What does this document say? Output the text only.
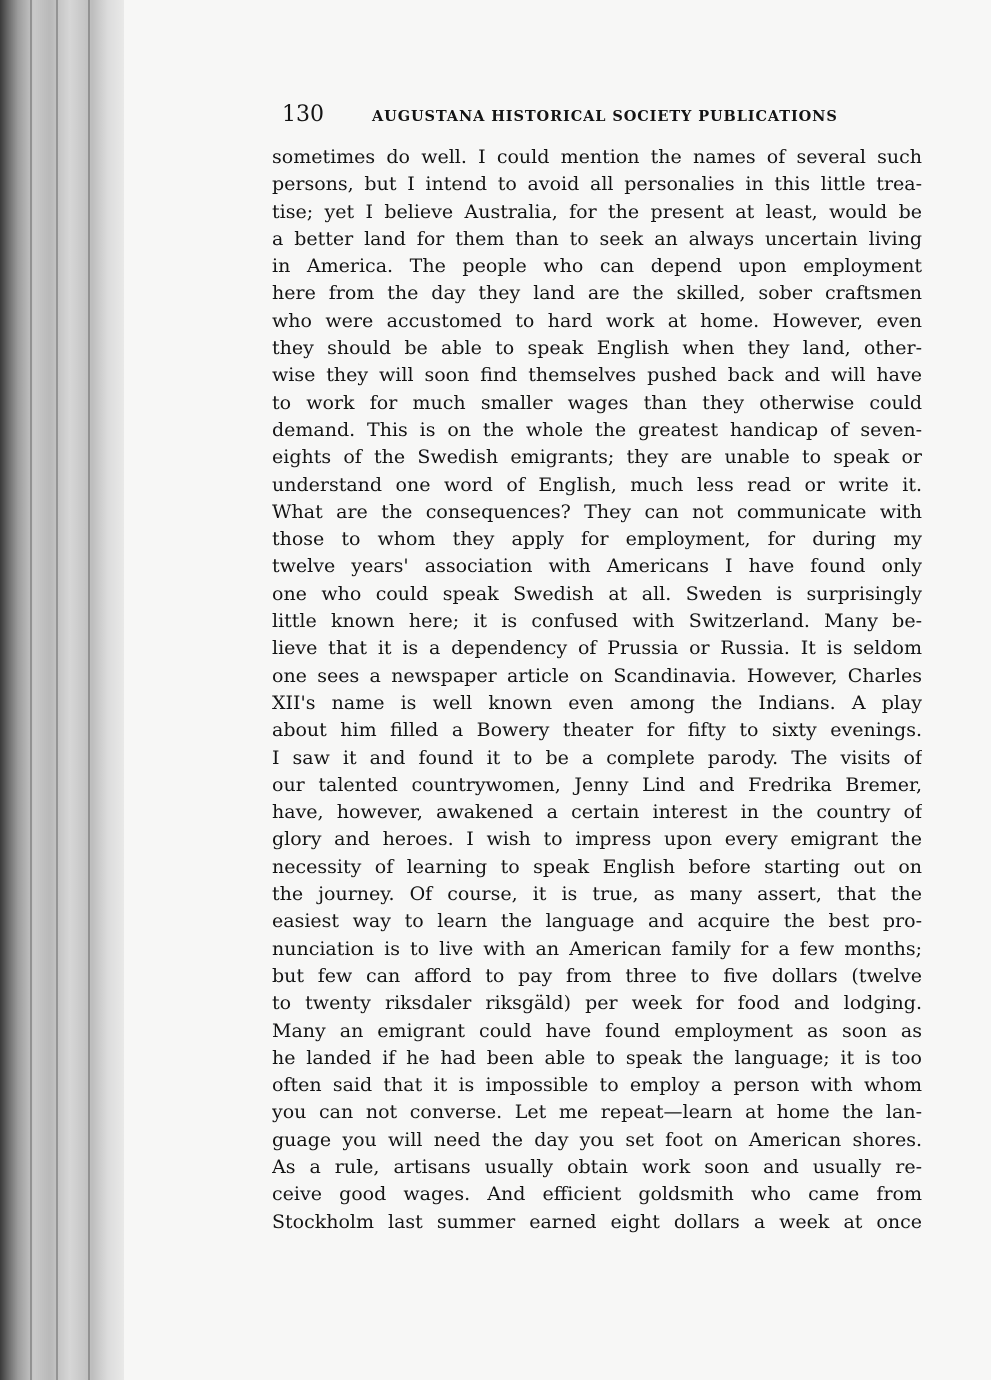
130	AUGUSTANA HISTORICAL SOCIETY PUBLICATIONS
sometimes do well. I could mention the names of several such
persons, but I intend to avoid all personalies in this little trea-
tise; yet I believe Australia, for the present at least, would be
a better land for them than to seek an always uncertain living
in America. The people who can depend upon employment
here from the day they land are the skilled, sober craftsmen
who were accustomed to hard work at home. However, even
they should be able to speak English when they land, other-
wise they will soon find themselves pushed back and will have
to work for much smaller wages than they otherwise could
demand. This is on the whole the greatest handicap of seven-
eights of the Swedish emigrants; they are unable to speak or
understand one word of English, much less read or write it.
What are the consequences? They can not communicate with
those to whom they apply for employment, for during my
twelve years' association with Americans I have found only
one who could speak Swedish at all. Sweden is surprisingly
little known here; it is confused with Switzerland. Many be-
lieve that it is a dependency of Prussia or Russia. It is seldom
one sees a newspaper article on Scandinavia. However, Charles
XII's name is well known even among the Indians. A play
about him filled a Bowery theater for fifty to sixty evenings.
I saw it and found it to be a complete parody. The visits of
our talented countrywomen, Jenny Lind and Fredrika Bremer,
have, however, awakened a certain interest in the country of
glory and heroes. I wish to impress upon every emigrant the
necessity of learning to speak English before starting out on
the journey. Of course, it is true, as many assert, that the
easiest way to learn the language and acquire the best pro-
nunciation is to live with an American family for a few months;
but few can afford to pay from three to five dollars (twelve
to twenty riksdaler riksgäld) per week for food and lodging.
Many an emigrant could have found employment as soon as
he landed if he had been able to speak the language; it is too
often said that it is impossible to employ a person with whom
you can not converse. Let me repeat—learn at home the lan-
guage you will need the day you set foot on American shores.
As a rule, artisans usually obtain work soon and usually re-
ceive good wages. And efficient goldsmith who came from
Stockholm last summer earned eight dollars a week at once
